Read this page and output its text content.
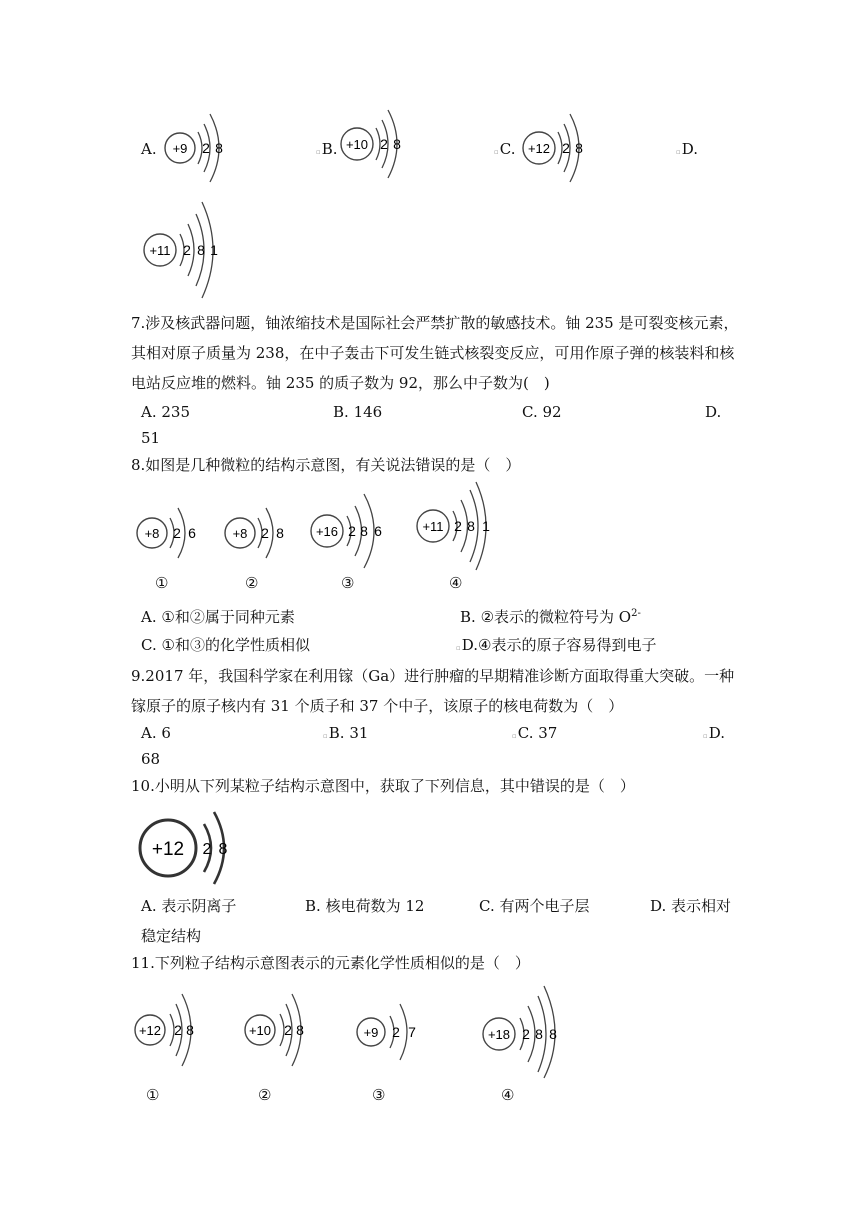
A. +9 2 8	▫B. +10 2 8	▫C. +12 2 8	▫D.
+11 2 8 1
7.涉及核武器问题，铀浓缩技术是国际社会严禁扩散的敏感技术。铀 235 是可裂变核元素，
其相对原子质量为 238，在中子轰击下可发生链式核裂变反应，可用作原子弹的核装料和核
电站反应堆的燃料。铀 235 的质子数为 92，那么中子数为(　)
A. 235	B. 146	C. 92	D.
51
8.如图是几种微粒的结构示意图，有关说法错误的是（　）
+8 2 6
①
+8 2 8
②
+16 2 8 6
③
+11 2 8 1
④
A. ①和②属于同种元素	B. ②表示的微粒符号为 $O^{2-}$
C. ①和③的化学性质相似	▫D.④表示的原子容易得到电子
9.2017 年，我国科学家在利用镓（Ga）进行肿瘤的早期精准诊断方面取得重大突破。一种
镓原子的原子核内有 31 个质子和 37 个中子，该原子的核电荷数为（　）
A. 6	▫B. 31	▫C. 37	▫D.
68
10.小明从下列某粒子结构示意图中，获取了下列信息，其中错误的是（　）
+12 2 8
A. 表示阴离子	B. 核电荷数为 12	C. 有两个电子层	D. 表示相对
稳定结构
11.下列粒子结构示意图表示的元素化学性质相似的是（　）
+12 2 8
①
+10 2 8
②
+9 2 7
③
+18 2 8 8
④
